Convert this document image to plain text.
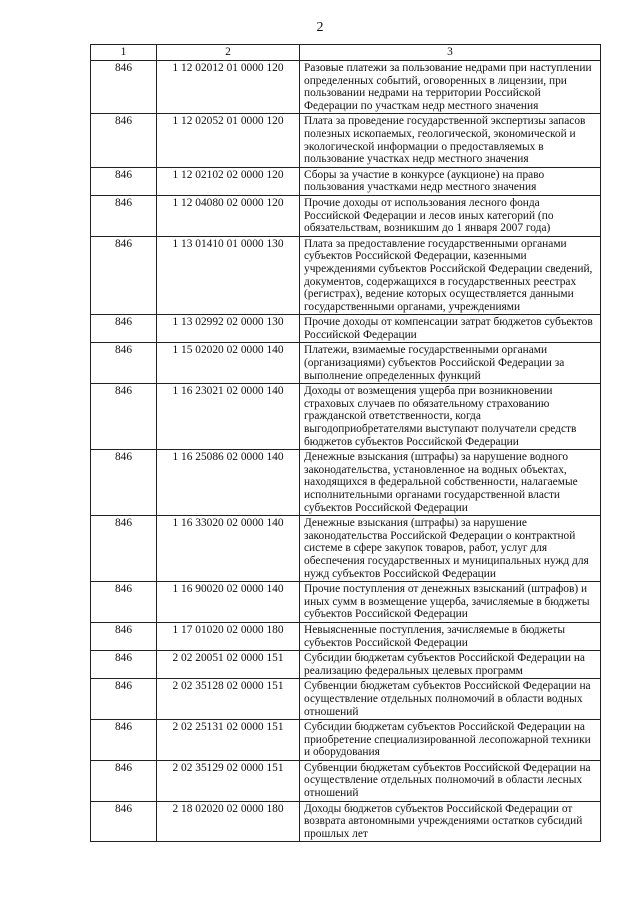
2
1	2	3
846	1 12 02012 01 0000 120	Разовые платежи за пользование недрами при наступлении определенных событий, оговоренных в лицензии, при пользовании недрами на территории Российской Федерации по участкам недр местного значения
846	1 12 02052 01 0000 120	Плата за проведение государственной экспертизы запасов полезных ископаемых, геологической, экономической и экологической информации о предоставляемых в пользование участках недр местного значения
846	1 12 02102 02 0000 120	Сборы за участие в конкурсе (аукционе) на право пользования участками недр местного значения
846	1 12 04080 02 0000 120	Прочие доходы от использования лесного фонда Российской Федерации и лесов иных категорий (по обязательствам, возникшим до 1 января 2007 года)
846	1 13 01410 01 0000 130	Плата за предоставление государственными органами субъектов Российской Федерации, казенными учреждениями субъектов Российской Федерации сведений, документов, содержащихся в государственных реестрах (регистрах), ведение которых осуществляется данными государственными органами, учреждениями
846	1 13 02992 02 0000 130	Прочие доходы от компенсации затрат бюджетов субъектов Российской Федерации
846	1 15 02020 02 0000 140	Платежи, взимаемые государственными органами (организациями) субъектов Российской Федерации за выполнение определенных функций
846	1 16 23021 02 0000 140	Доходы от возмещения ущерба при возникновении страховых случаев по обязательному страхованию гражданской ответственности, когда выгодоприобретателями выступают получатели средств бюджетов субъектов Российской Федерации
846	1 16 25086 02 0000 140	Денежные взыскания (штрафы) за нарушение водного законодательства, установленное на водных объектах, находящихся в федеральной собственности, налагаемые исполнительными органами государственной власти субъектов Российской Федерации
846	1 16 33020 02 0000 140	Денежные взыскания (штрафы) за нарушение законодательства Российской Федерации о контрактной системе в сфере закупок товаров, работ, услуг для обеспечения государственных и муниципальных нужд для нужд субъектов Российской Федерации
846	1 16 90020 02 0000 140	Прочие поступления от денежных взысканий (штрафов) и иных сумм в возмещение ущерба, зачисляемые в бюджеты субъектов Российской Федерации
846	1 17 01020 02 0000 180	Невыясненные поступления, зачисляемые в бюджеты субъектов Российской Федерации
846	2 02 20051 02 0000 151	Субсидии бюджетам субъектов Российской Федерации на реализацию федеральных целевых программ
846	2 02 35128 02 0000 151	Субвенции бюджетам субъектов Российской Федерации на осуществление отдельных полномочий в области водных отношений
846	2 02 25131 02 0000 151	Субсидии бюджетам субъектов Российской Федерации на приобретение специализированной лесопожарной техники и оборудования
846	2 02 35129 02 0000 151	Субвенции бюджетам субъектов Российской Федерации на осуществление отдельных полномочий в области лесных отношений
846	2 18 02020 02 0000 180	Доходы бюджетов субъектов Российской Федерации от возврата автономными учреждениями остатков субсидий прошлых лет
